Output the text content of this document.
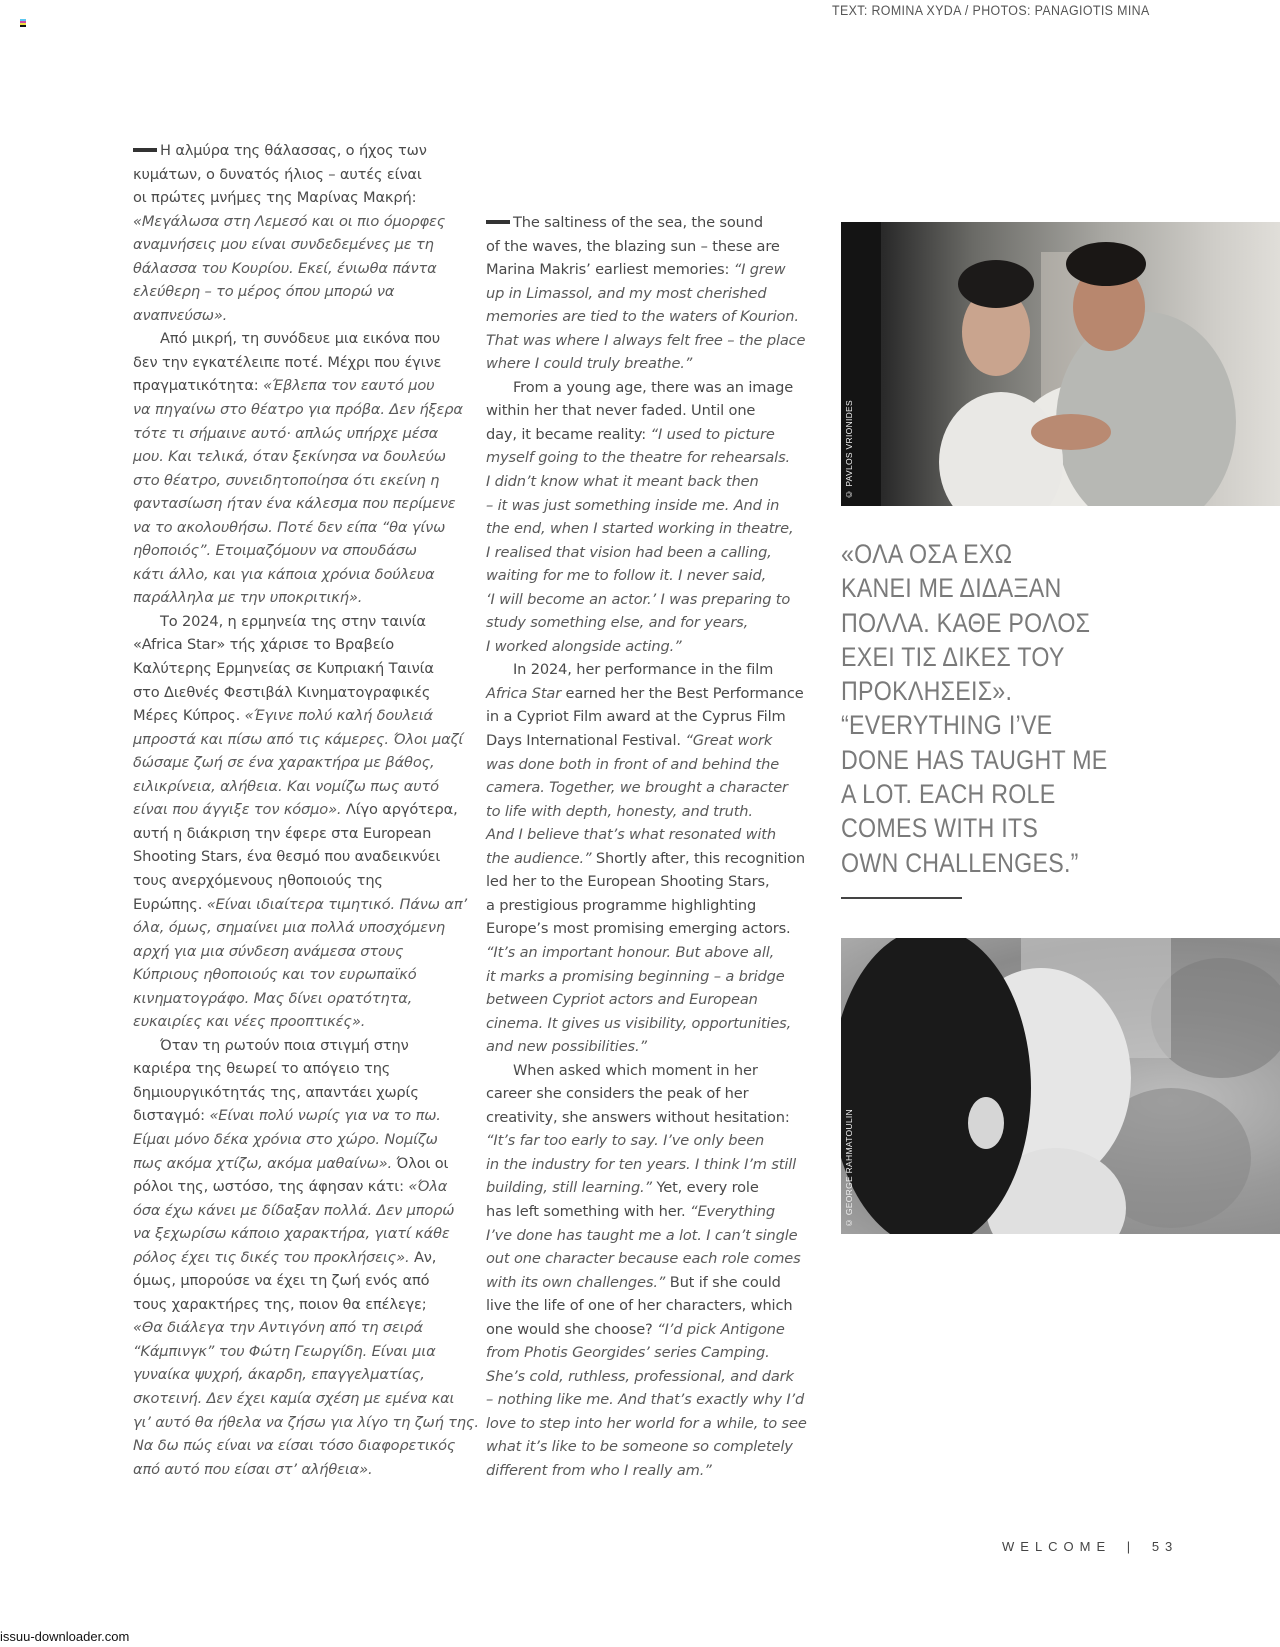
TEXT: ROMINA XYDA / PHOTOS: PANAGIOTIS MINA
Η αλμύρα της θάλασσας, ο ήχος των
κυμάτων, ο δυνατός ήλιος – αυτές είναι
οι πρώτες μνήμες της Μαρίνας Μακρή:
«Μεγάλωσα στη Λεμεσό και οι πιο όμορφες
αναμνήσεις μου είναι συνδεδεμένες με τη
θάλασσα του Κουρίου. Εκεί, ένιωθα πάντα
ελεύθερη – το μέρος όπου μπορώ να
αναπνεύσω».
Από μικρή, τη συνόδευε μια εικόνα που
δεν την εγκατέλειπε ποτέ. Μέχρι που έγινε
πραγματικότητα: «Έβλεπα τον εαυτό μου
να πηγαίνω στο θέατρο για πρόβα. Δεν ήξερα
τότε τι σήμαινε αυτό· απλώς υπήρχε μέσα
μου. Και τελικά, όταν ξεκίνησα να δουλεύω
στο θέατρο, συνειδητοποίησα ότι εκείνη η
φαντασίωση ήταν ένα κάλεσμα που περίμενε
να το ακολουθήσω. Ποτέ δεν είπα “θα γίνω
ηθοποιός”. Ετοιμαζόμουν να σπουδάσω
κάτι άλλο, και για κάποια χρόνια δούλευα
παράλληλα με την υποκριτική».
Το 2024, η ερμηνεία της στην ταινία
«Africa Star» τής χάρισε το Βραβείο
Καλύτερης Ερμηνείας σε Κυπριακή Ταινία
στο Διεθνές Φεστιβάλ Κινηματογραφικές
Μέρες Κύπρος. «Έγινε πολύ καλή δουλειά
μπροστά και πίσω από τις κάμερες. Όλοι μαζί
δώσαμε ζωή σε ένα χαρακτήρα με βάθος,
ειλικρίνεια, αλήθεια. Και νομίζω πως αυτό
είναι που άγγιξε τον κόσμο». Λίγο αργότερα,
αυτή η διάκριση την έφερε στα European
Shooting Stars, ένα θεσμό που αναδεικνύει
τους ανερχόμενους ηθοποιούς της
Ευρώπης. «Είναι ιδιαίτερα τιμητικό. Πάνω απ’
όλα, όμως, σημαίνει μια πολλά υποσχόμενη
αρχή για μια σύνδεση ανάμεσα στους
Κύπριους ηθοποιούς και τον ευρωπαϊκό
κινηματογράφο. Μας δίνει ορατότητα,
ευκαιρίες και νέες προοπτικές».
Όταν τη ρωτούν ποια στιγμή στην
καριέρα της θεωρεί το απόγειο της
δημιουργικότητάς της, απαντάει χωρίς
δισταγμό: «Είναι πολύ νωρίς για να το πω.
Είμαι μόνο δέκα χρόνια στο χώρο. Νομίζω
πως ακόμα χτίζω, ακόμα μαθαίνω». Όλοι οι
ρόλοι της, ωστόσο, της άφησαν κάτι: «Όλα
όσα έχω κάνει με δίδαξαν πολλά. Δεν μπορώ
να ξεχωρίσω κάποιο χαρακτήρα, γιατί κάθε
ρόλος έχει τις δικές του προκλήσεις». Αν,
όμως, μπορούσε να έχει τη ζωή ενός από
τους χαρακτήρες της, ποιον θα επέλεγε;
«Θα διάλεγα την Αντιγόνη από τη σειρά
“Κάμπινγκ” του Φώτη Γεωργίδη. Είναι μια
γυναίκα ψυχρή, άκαρδη, επαγγελματίας,
σκοτεινή. Δεν έχει καμία σχέση με εμένα και
γι’ αυτό θα ήθελα να ζήσω για λίγο τη ζωή της.
Να δω πώς είναι να είσαι τόσο διαφορετικός
από αυτό που είσαι στ’ αλήθεια».
The saltiness of the sea, the sound
of the waves, the blazing sun – these are
Marina Makris’ earliest memories: “I grew
up in Limassol, and my most cherished
memories are tied to the waters of Kourion.
That was where I always felt free – the place
where I could truly breathe.”
From a young age, there was an image
within her that never faded. Until one
day, it became reality: “I used to picture
myself going to the theatre for rehearsals.
I didn’t know what it meant back then
– it was just something inside me. And in
the end, when I started working in theatre,
I realised that vision had been a calling,
waiting for me to follow it. I never said,
‘I will become an actor.’ I was preparing to
study something else, and for years,
I worked alongside acting.”
In 2024, her performance in the film
Africa Star earned her the Best Performance
in a Cypriot Film award at the Cyprus Film
Days International Festival. “Great work
was done both in front of and behind the
camera. Together, we brought a character
to life with depth, honesty, and truth.
And I believe that’s what resonated with
the audience.” Shortly after, this recognition
led her to the European Shooting Stars,
a prestigious programme highlighting
Europe’s most promising emerging actors.
“It’s an important honour. But above all,
it marks a promising beginning – a bridge
between Cypriot actors and European
cinema. It gives us visibility, opportunities,
and new possibilities.”
When asked which moment in her
career she considers the peak of her
creativity, she answers without hesitation:
“It’s far too early to say. I’ve only been
in the industry for ten years. I think I’m still
building, still learning.” Yet, every role
has left something with her. “Everything
I’ve done has taught me a lot. I can’t single
out one character because each role comes
with its own challenges.” But if she could
live the life of one of her characters, which
one would she choose? “I’d pick Antigone
from Photis Georgides’ series Camping.
She’s cold, ruthless, professional, and dark
– nothing like me. And that’s exactly why I’d
love to step into her world for a while, to see
what it’s like to be someone so completely
different from who I really am.”
© PAVLOS VRIONIDES
«ΟΛΑ ΟΣΑ ΕΧΩ
ΚΑΝΕΙ ΜΕ ΔΙΔΑΞΑΝ
ΠΟΛΛΑ. ΚΑΘΕ ΡΟΛΟΣ
ΕΧΕΙ ΤΙΣ ΔΙΚΕΣ ΤΟΥ
ΠΡΟΚΛΗΣΕΙΣ».
“EVERYTHING I’VE
DONE HAS TAUGHT ME
A LOT. EACH ROLE
COMES WITH ITS
OWN CHALLENGES.”
© GEORGE RAHMATOULIN
WELCOME | 53
issuu-downloader.com
